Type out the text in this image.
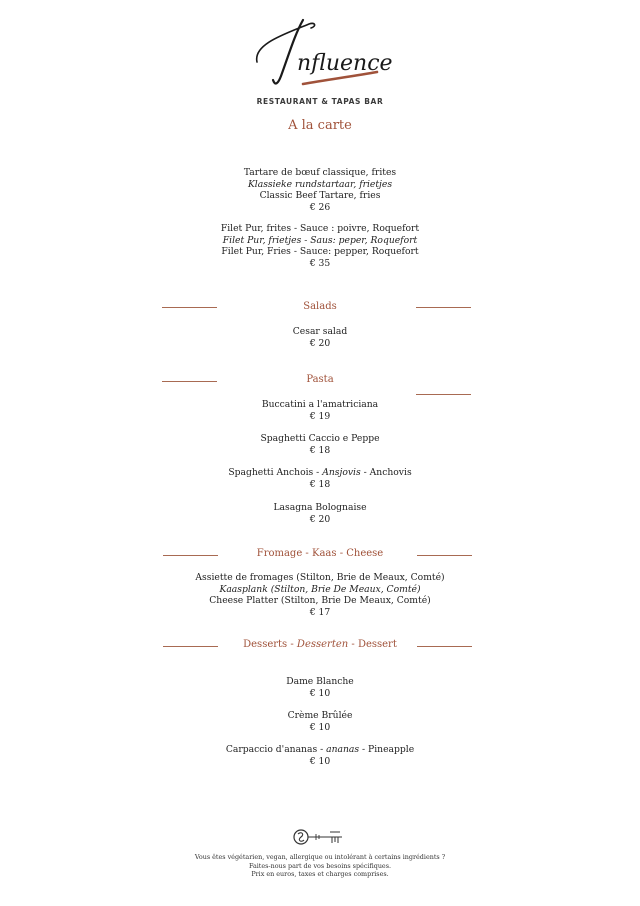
nfluence
RESTAURANT & TAPAS BAR
A la carte
Tartare de bœuf classique, frites
Klassieke rundstartaar, frietjes
Classic Beef Tartare, fries
€ 26
Filet Pur, frites - Sauce : poivre, Roquefort
Filet Pur, frietjes - Saus: peper, Roquefort
Filet Pur, Fries - Sauce: pepper, Roquefort
€ 35
Salads
Cesar salad
€ 20
Pasta
Buccatini a l'amatriciana
€ 19
Spaghetti Caccio e Peppe
€ 18
Spaghetti Anchois - Ansjovis - Anchovis
€ 18
Lasagna Bolognaise
€ 20
Fromage - Kaas - Cheese
Assiette de fromages (Stilton, Brie de Meaux, Comté)
Kaasplank (Stilton, Brie De Meaux, Comté)
Cheese Platter (Stilton, Brie De Meaux, Comté)
€ 17
Desserts - Desserten - Dessert
Dame Blanche
€ 10
Crème Brûlée
€ 10
Carpaccio d'ananas - ananas - Pineapple
€ 10
Vous êtes végétarien, vegan, allergique ou intolérant à certains ingrédients ?
Faites-nous part de vos besoins spécifiques.
Prix en euros, taxes et charges comprises.
